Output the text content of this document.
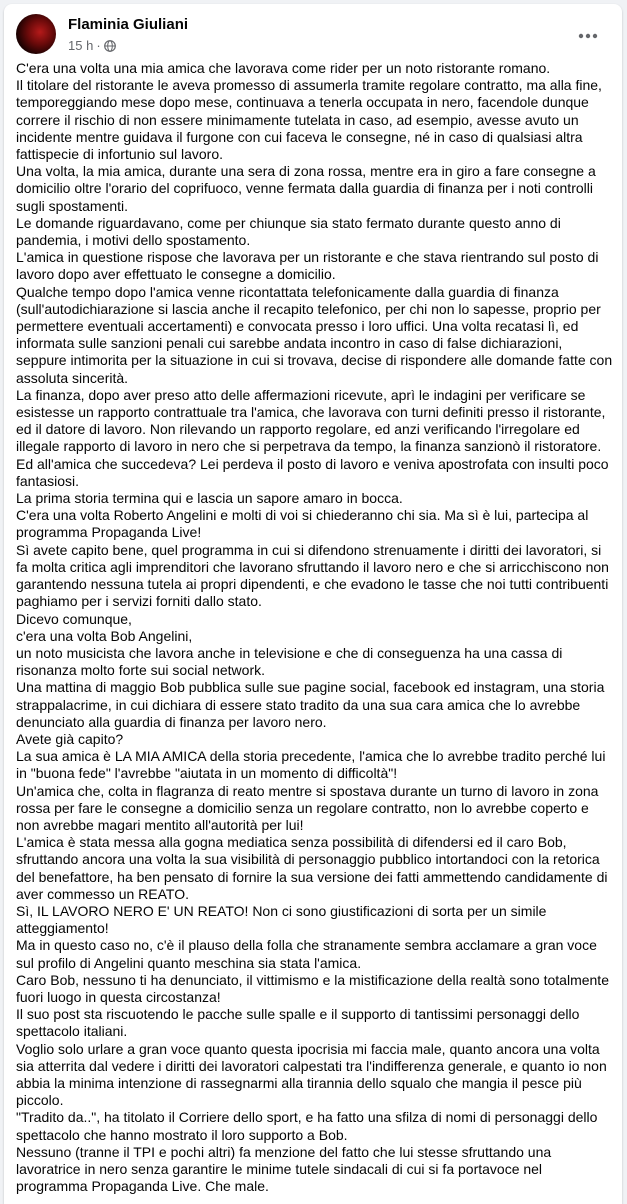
Flaminia Giuliani
15 h ·

C'era una volta una mia amica che lavorava come rider per un noto ristorante romano.

Il titolare del ristorante le aveva promesso di assumerla tramite regolare contratto, ma alla fine, temporeggiando mese dopo mese, continuava a tenerla occupata in nero, facendole dunque correre il rischio di non essere minimamente tutelata in caso, ad esempio, avesse avuto un incidente mentre guidava il furgone con cui faceva le consegne, né in caso di qualsiasi altra fattispecie di infortunio sul lavoro.

Una volta, la mia amica, durante una sera di zona rossa, mentre era in giro a fare consegne a domicilio oltre l'orario del coprifuoco, venne fermata dalla guardia di finanza per i noti controlli sugli spostamenti.

Le domande riguardavano, come per chiunque sia stato fermato durante questo anno di pandemia, i motivi dello spostamento.

L'amica in questione rispose che lavorava per un ristorante e che stava rientrando sul posto di lavoro dopo aver effettuato le consegne a domicilio.

Qualche tempo dopo l'amica venne ricontattata telefonicamente dalla guardia di finanza (sull'autodichiarazione si lascia anche il recapito telefonico, per chi non lo sapesse, proprio per permettere eventuali accertamenti) e convocata presso i loro uffici. Una volta recatasi lì, ed informata sulle sanzioni penali cui sarebbe andata incontro in caso di false dichiarazioni, seppure intimorita per la situazione in cui si trovava, decise di rispondere alle domande fatte con assoluta sincerità.

La finanza, dopo aver preso atto delle affermazioni ricevute, aprì le indagini per verificare se esistesse un rapporto contrattuale tra l'amica, che lavorava con turni definiti presso il ristorante, ed il datore di lavoro. Non rilevando un rapporto regolare, ed anzi verificando l'irregolare ed illegale rapporto di lavoro in nero che si perpetrava da tempo, la finanza sanzionò il ristoratore.

Ed all'amica che succedeva? Lei perdeva il posto di lavoro e veniva apostrofata con insulti poco fantasiosi.

La prima storia termina qui e lascia un sapore amaro in bocca.

C'era una volta Roberto Angelini e molti di voi si chiederanno chi sia. Ma sì è lui, partecipa al programma Propaganda Live!

Sì avete capito bene, quel programma in cui si difendono strenuamente i diritti dei lavoratori, si fa molta critica agli imprenditori che lavorano sfruttando il lavoro nero e che si arricchiscono non garantendo nessuna tutela ai propri dipendenti, e che evadono le tasse che noi tutti contribuenti paghiamo per i servizi forniti dallo stato.

Dicevo comunque,

c'era una volta Bob Angelini,

un noto musicista che lavora anche in televisione e che di conseguenza ha una cassa di risonanza molto forte sui social network.

Una mattina di maggio Bob pubblica sulle sue pagine social, facebook ed instagram, una storia strappalacrime, in cui dichiara di essere stato tradito da una sua cara amica che lo avrebbe denunciato alla guardia di finanza per lavoro nero.

Avete già capito?

La sua amica è LA MIA AMICA della storia precedente, l'amica che lo avrebbe tradito perché lui in "buona fede" l'avrebbe "aiutata in un momento di difficoltà"!

Un'amica che, colta in flagranza di reato mentre si spostava durante un turno di lavoro in zona rossa per fare le consegne a domicilio senza un regolare contratto, non lo avrebbe coperto e non avrebbe magari mentito all'autorità per lui!

L'amica è stata messa alla gogna mediatica senza possibilità di difendersi ed il caro Bob, sfruttando ancora una volta la sua visibilità di personaggio pubblico intortandoci con la retorica del benefattore, ha ben pensato di fornire la sua versione dei fatti ammettendo candidamente di aver commesso un REATO.

Sì, IL LAVORO NERO E' UN REATO! Non ci sono giustificazioni di sorta per un simile atteggiamento!

Ma in questo caso no, c'è il plauso della folla che stranamente sembra acclamare a gran voce sul profilo di Angelini quanto meschina sia stata l'amica.

Caro Bob, nessuno ti ha denunciato, il vittimismo e la mistificazione della realtà sono totalmente fuori luogo in questa circostanza!

Il suo post sta riscuotendo le pacche sulle spalle e il supporto di tantissimi personaggi dello spettacolo italiani.

Voglio solo urlare a gran voce quanto questa ipocrisia mi faccia male, quanto ancora una volta sia atterrita dal vedere i diritti dei lavoratori calpestati tra l'indifferenza generale, e quanto io non abbia la minima intenzione di rassegnarmi alla tirannia dello squalo che mangia il pesce più piccolo.

"Tradito da..", ha titolato il Corriere dello sport, e ha fatto una sfilza di nomi di personaggi dello spettacolo che hanno mostrato il loro supporto a Bob.

Nessuno (tranne il TPI e pochi altri) fa menzione del fatto che lui stesse sfruttando una lavoratrice in nero senza garantire le minime tutele sindacali di cui si fa portavoce nel programma Propaganda Live. Che male.
